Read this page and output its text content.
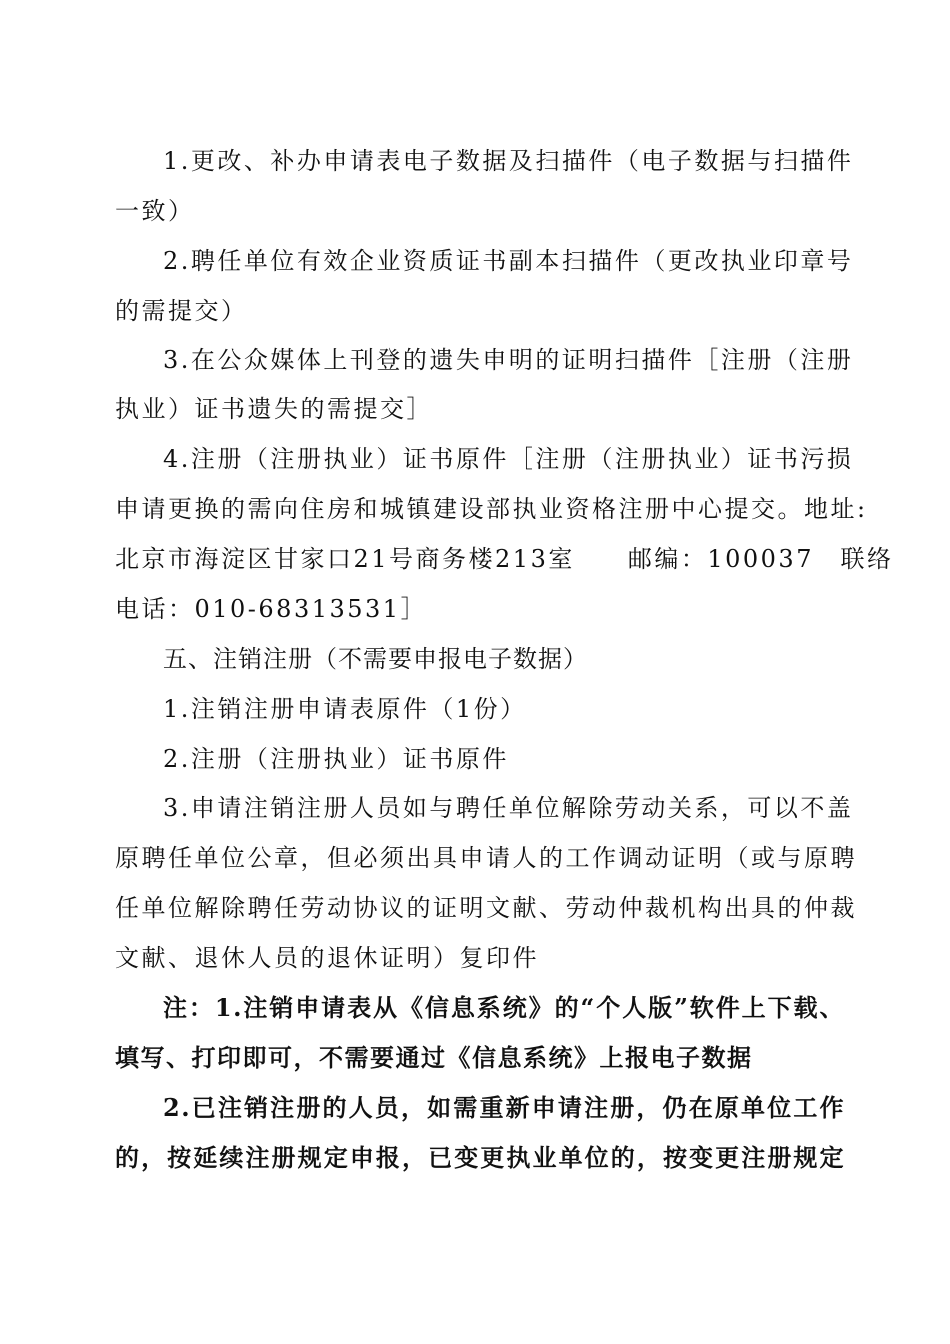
1.更改、补办申请表电子数据及扫描件（电子数据与扫描件
一致）
2.聘任单位有效企业资质证书副本扫描件（更改执业印章号
的需提交）
3.在公众媒体上刊登的遗失申明的证明扫描件［注册（注册
执业）证书遗失的需提交］
4.注册（注册执业）证书原件［注册（注册执业）证书污损
申请更换的需向住房和城镇建设部执业资格注册中心提交。地址:
北京市海淀区甘家口21号商务楼213室　　邮编：100037　联络
电话：010-68313531］
五、注销注册（不需要申报电子数据）
1.注销注册申请表原件（1份）
2.注册（注册执业）证书原件
3.申请注销注册人员如与聘任单位解除劳动关系，可以不盖
原聘任单位公章，但必须出具申请人的工作调动证明（或与原聘
任单位解除聘任劳动协议的证明文献、劳动仲裁机构出具的仲裁
文献、退休人员的退休证明）复印件
注：1.注销申请表从《信息系统》的“个人版”软件上下载、
填写、打印即可，不需要通过《信息系统》上报电子数据
2.已注销注册的人员，如需重新申请注册，仍在原单位工作
的，按延续注册规定申报，已变更执业单位的，按变更注册规定
